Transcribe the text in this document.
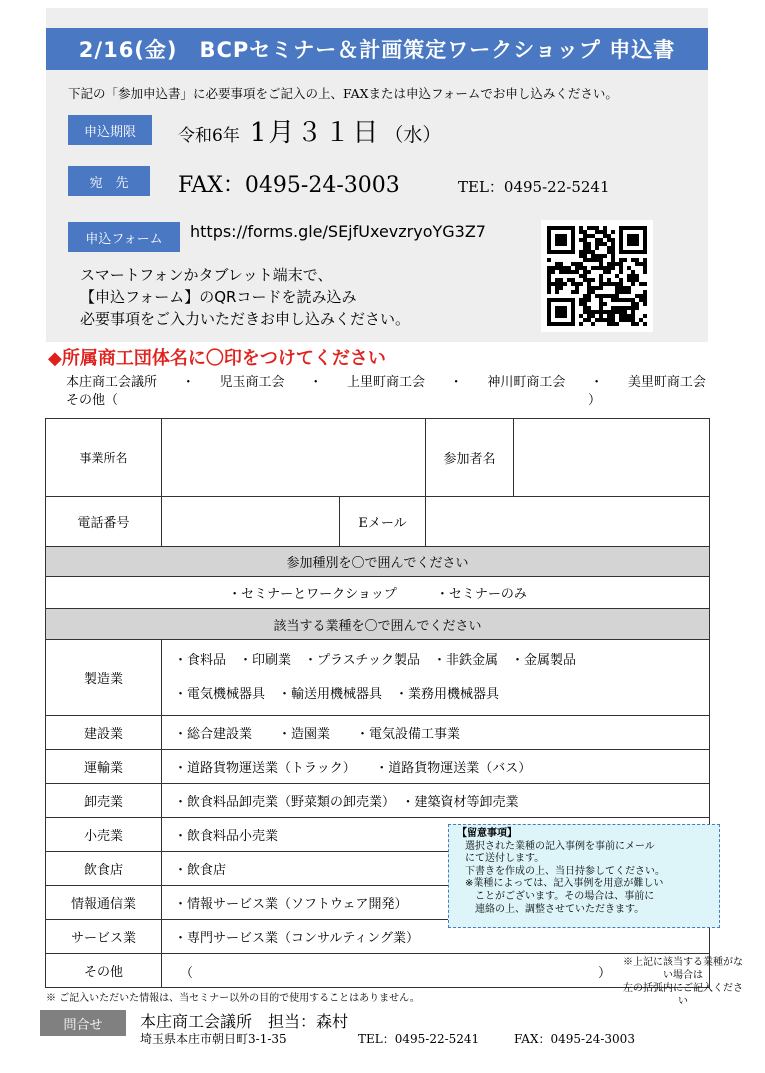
2/16(金)　BCPセミナー＆計画策定ワークショップ 申込書
下記の「参加申込書」に必要事項をご記入の上、FAXまたは申込フォームでお申し込みください。
申込期限	令和6年 1月３１日 （水）
宛　先	FAX：0495-24-3003	TEL：0495-22-5241
申込フォーム	https://forms.gle/SEjfUxevzryoYG3Z7
スマートフォンかタブレット端末で、
【申込フォーム】のQRコードを読み込み
必要事項をご入力いただきお申し込みください。
◆所属商工団体名に〇印をつけてください
本庄商工会議所 ・ 児玉商工会 ・ 上里町商工会 ・ 神川町商工会 ・ 美里町商工会
その他（	）
事業所名			参加者名	
電話番号		Eメール		
参加種別を〇で囲んでください				
・セミナーとワークショップ　　　・セミナーのみ				
該当する業種を〇で囲んでください				
製造業	・食料品　・印刷業　・プラスチック製品　・非鉄金属　・金属製品
・電気機械器具　・輸送用機械器具　・業務用機械器具			

建設業	・総合建設業　　・造園業　　・電気設備工事業			
運輸業	・道路貨物運送業（トラック）　　・道路貨物運送業（バス）			
卸売業	・飲食料品卸売業（野菜類の卸売業）　・建築資材等卸売業			
小売業	・飲食料品小売業			
飲食店	・飲食店			
情報通信業	・情報サービス業（ソフトウェア開発）			
サービス業	・専門サービス業（コンサルティング業）			
その他	（ ）
※上記に該当する業種がない場合は
左の括弧内にご記入ください			
【留意事項】
選択された業種の記入事例を事前にメール
にて送付します。
下書きを作成の上、当日持参してください。
※業種によっては、記入事例を用意が難しい
ことがございます。その場合は、事前に
連絡の上、調整させていただきます。
※ ご記入いただいた情報は、当セミナー以外の目的で使用することはありません。
問合せ	本庄商工会議所　担当：森村
埼玉県本庄市朝日町3-1-35	TEL：0495-22-5241	FAX：0495-24-3003
